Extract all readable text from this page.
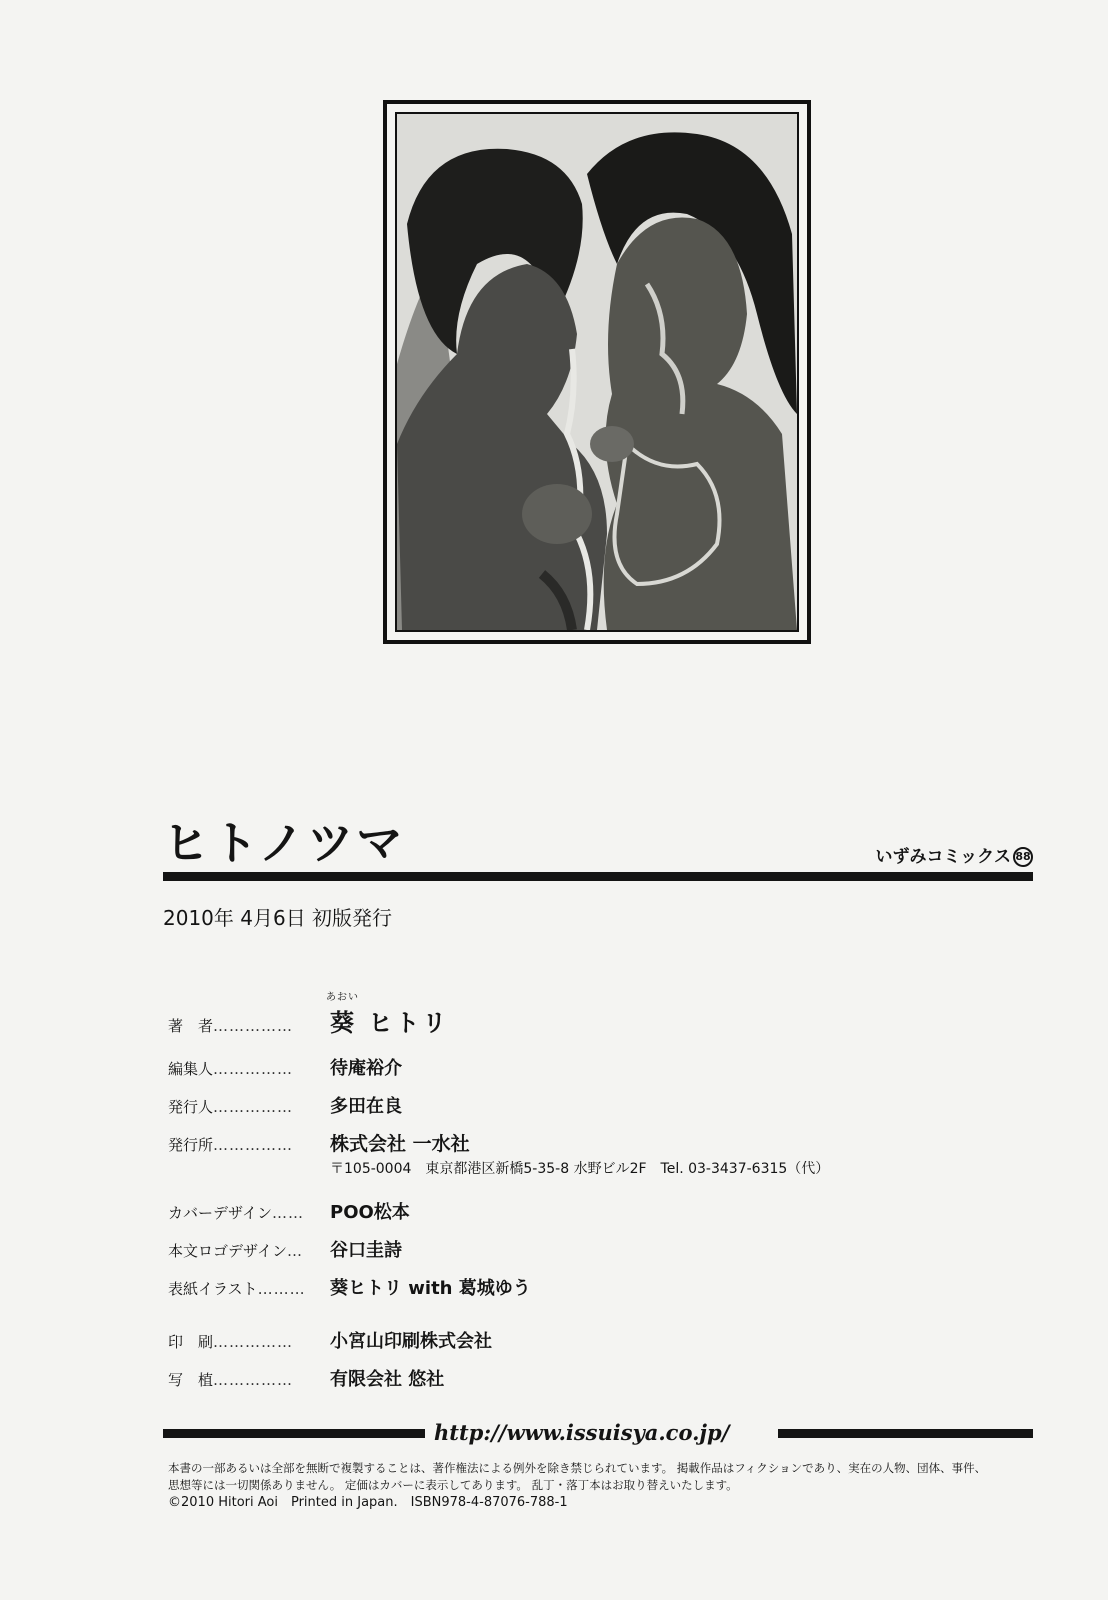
ヒトノツマ	いずみコミックス 88
2010年 4月6日 初版発行
あおい
著　者……………	葵 ヒトリ
編集人……………	待庵裕介
発行人……………	多田在良
発行所……………	株式会社 一水社
カバーデザイン……	POO松本
本文ロゴデザイン…	谷口圭詩
表紙イラスト………	葵ヒトリ with 葛城ゆう
印　刷……………	小宮山印刷株式会社
写　植……………	有限会社 悠社
〒105-0004　東京都港区新橋5-35-8 水野ビル2F　Tel. 03-3437-6315（代）
http://www.issuisya.co.jp/
本書の一部あるいは全部を無断で複製することは、著作権法による例外を除き禁じられています。 掲載作品はフィクションであり、実在の人物、団体、事件、
思想等には一切関係ありません。 定価はカバーに表示してあります。 乱丁・落丁本はお取り替えいたします。
©2010 Hitori Aoi　Printed in Japan.　ISBN978-4-87076-788-1
